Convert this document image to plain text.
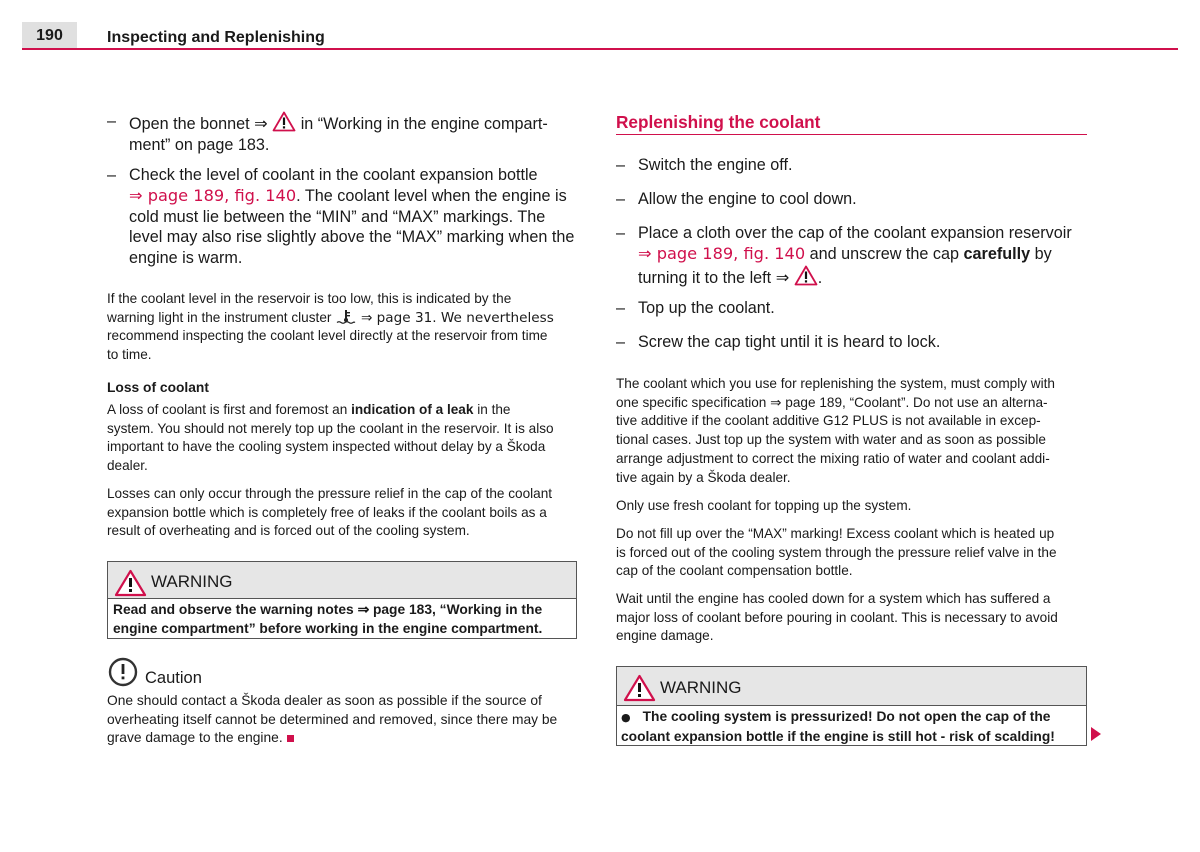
190	Inspecting and Replenishing
– Open the bonnet ⇒ in “Working in the engine compart-
ment” on page 183.
– Check the level of coolant in the coolant expansion bottle
⇒ page 189, fig. 140. The coolant level when the engine is
cold must lie between the “MIN” and “MAX” markings. The
level may also rise slightly above the “MAX” marking when the
engine is warm.
If the coolant level in the reservoir is too low, this is indicated by the
warning light in the instrument cluster ⇒ page 31. We nevertheless
recommend inspecting the coolant level directly at the reservoir from time
to time.
Loss of coolant
A loss of coolant is first and foremost an indication of a leak in the
system. You should not merely top up the coolant in the reservoir. It is also
important to have the cooling system inspected without delay by a Škoda
dealer.
Losses can only occur through the pressure relief in the cap of the coolant
expansion bottle which is completely free of leaks if the coolant boils as a
result of overheating and is forced out of the cooling system.
WARNING
Read and observe the warning notes ⇒ page 183, “Working in the
engine compartment” before working in the engine compartment.
Caution
One should contact a Škoda dealer as soon as possible if the source of
overheating itself cannot be determined and removed, since there may be
grave damage to the engine.
Replenishing the coolant
– Switch the engine off.
– Allow the engine to cool down.
– Place a cloth over the cap of the coolant expansion reservoir
⇒ page 189, fig. 140 and unscrew the cap carefully by
turning it to the left ⇒ .
– Top up the coolant.
– Screw the cap tight until it is heard to lock.
The coolant which you use for replenishing the system, must comply with
one specific specification ⇒ page 189, “Coolant”. Do not use an alterna-
tive additive if the coolant additive G12 PLUS is not available in excep-
tional cases. Just top up the system with water and as soon as possible
arrange adjustment to correct the mixing ratio of water and coolant addi-
tive again by a Škoda dealer.
Only use fresh coolant for topping up the system.
Do not fill up over the “MAX” marking! Excess coolant which is heated up
is forced out of the cooling system through the pressure relief valve in the
cap of the coolant compensation bottle.
Wait until the engine has cooled down for a system which has suffered a
major loss of coolant before pouring in coolant. This is necessary to avoid
engine damage.
WARNING
● The cooling system is pressurized! Do not open the cap of the
coolant expansion bottle if the engine is still hot - risk of scalding!
